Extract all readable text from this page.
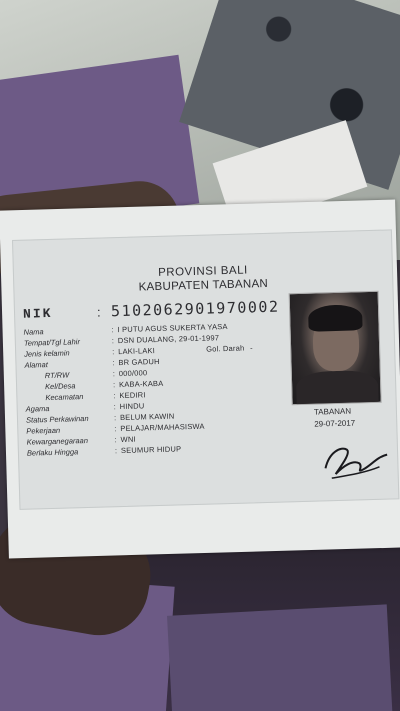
PROVINSI BALI
KABUPATEN TABANAN
NIK	: 5102062901970002
Nama	: I PUTU AGUS SUKERTA YASA
Tempat/Tgl Lahir	: DSN DUALANG, 29-01-1997
Jenis kelamin	: LAKI-LAKI	Gol. Darah -
Alamat	: BR GADUH
RT/RW	: 000/000
Kel/Desa	: KABA-KABA
Kecamatan	: KEDIRI
Agama	: HINDU
Status Perkawinan	: BELUM KAWIN
Pekerjaan	: PELAJAR/MAHASISWA
Kewarganegaraan	: WNI
Berlaku Hingga	: SEUMUR HIDUP
TABANAN
29-07-2017
